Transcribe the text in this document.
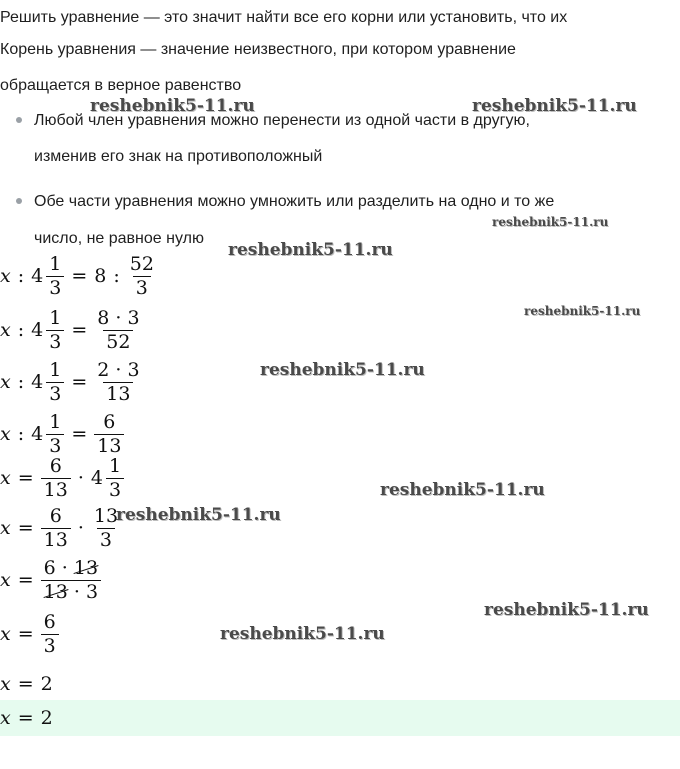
Решить уравнение — это значит найти все его корни или установить, что их
Корень уравнения — значение неизвестного, при котором уравнение
обращается в верное равенство
Любой член уравнения можно перенести из одной части в другую,
изменив его знак на противоположный
Обе части уравнения можно умножить или разделить на одно и то же
число, не равное нулю
x : $4 \frac{1}{3} = 8$ : $\frac{52}{3}$
x : $4 \frac{1}{3} = \frac{8 \cdot 3}{52}$
x : $4 \frac{1}{3} = \frac{2 \cdot 3}{13}$
x : $4 \frac{1}{3} = \frac{6}{13}$
$x = \frac{6}{13} \cdot 4 \frac{1}{3}$
$x = \frac{6}{13} \cdot \frac{13}{3}$
$x = \frac{6 \cdot 13}{13 \cdot 3}$
$x = \frac{6}{3}$
x = 2
x = 2
reshebnik5-11.ru	reshebnik5-11.ru
reshebnik5-11.ru
reshebnik5-11.ru
reshebnik5-11.ru
reshebnik5-11.ru
reshebnik5-11.ru
reshebnik5-11.ru
reshebnik5-11.ru
reshebnik5-11.ru
